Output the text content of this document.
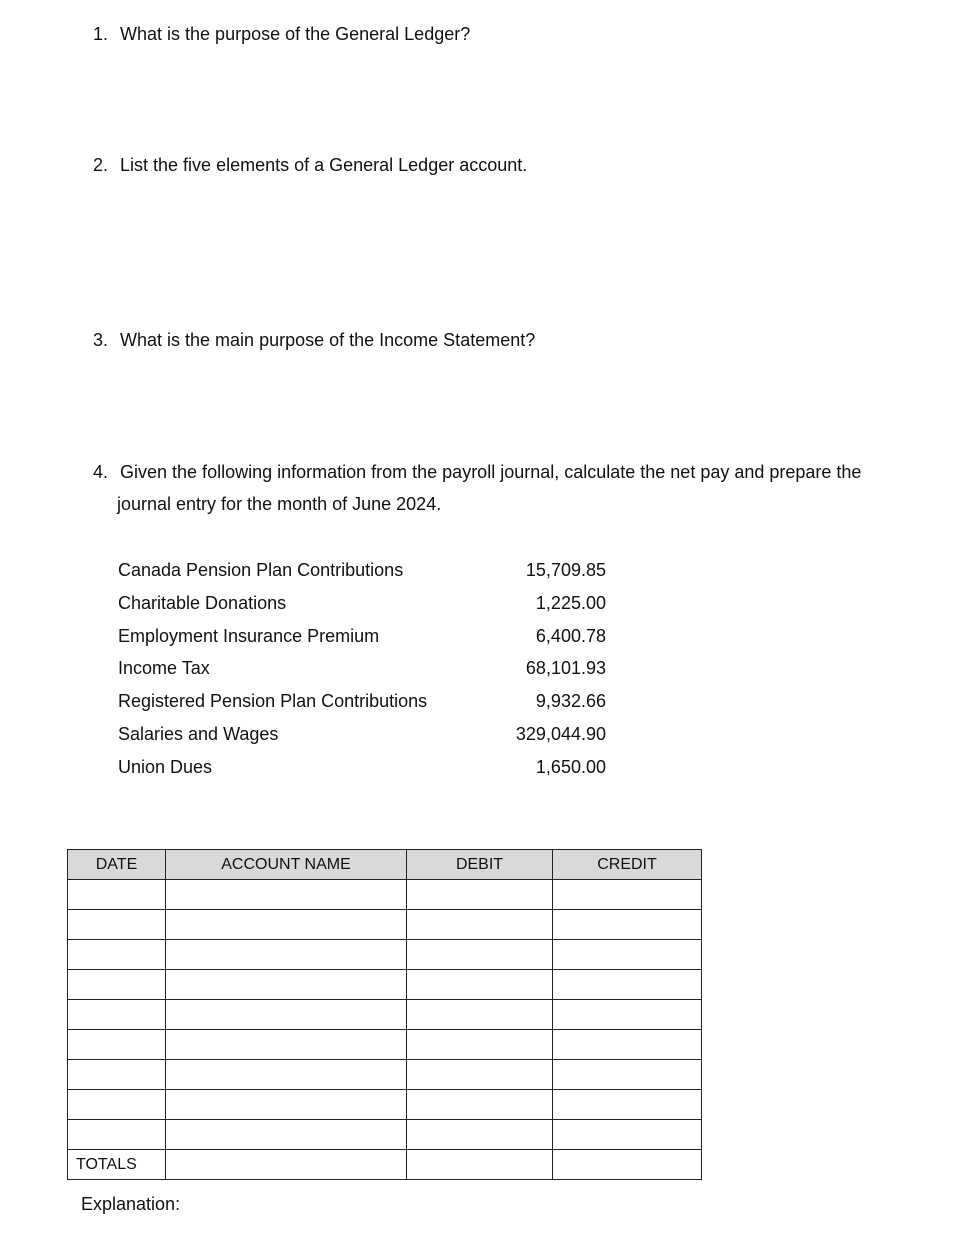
1. What is the purpose of the General Ledger?

2. List the five elements of a General Ledger account.

3. What is the main purpose of the Income Statement?

4. Given the following information from the payroll journal, calculate the net pay and prepare the
journal entry for the month of June 2024.

Canada Pension Plan Contributions	15,709.85
Charitable Donations	1,225.00
Employment Insurance Premium	6,400.78
Income Tax	68,101.93
Registered Pension Plan Contributions	9,932.66
Salaries and Wages	329,044.90
Union Dues	1,650.00
DATE	ACCOUNT NAME	DEBIT	CREDIT

TOTALS			
Explanation:
